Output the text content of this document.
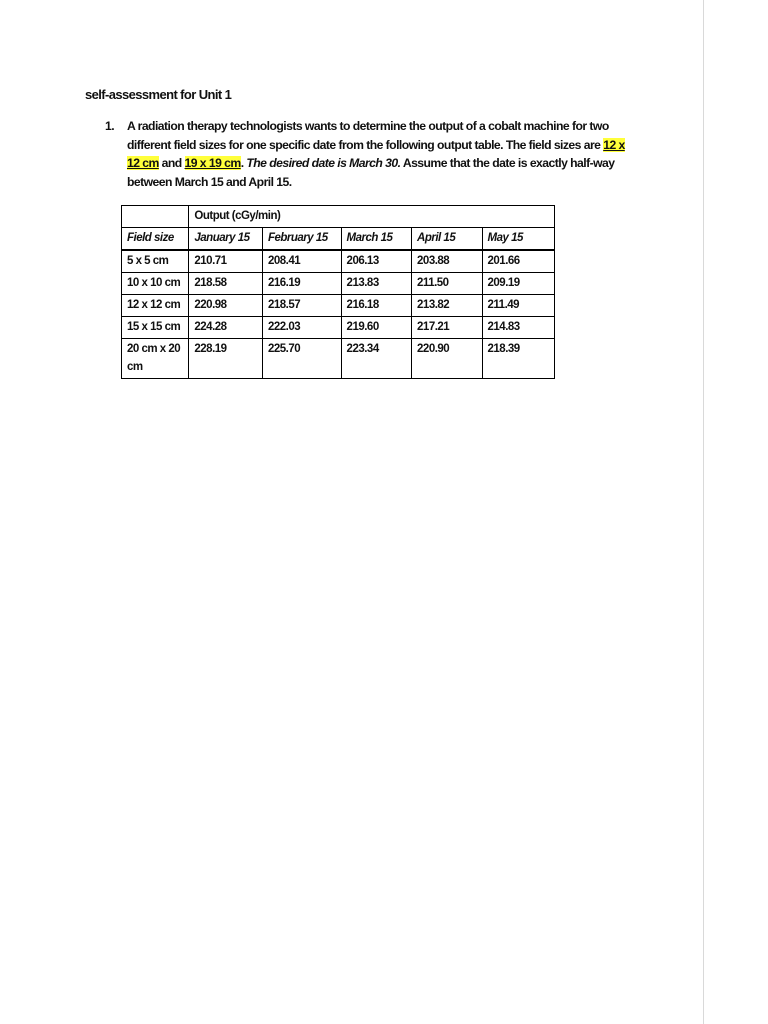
self-assessment for Unit 1
1. A radiation therapy technologists wants to determine the output of a cobalt machine for two different field sizes for one specific date from the following output table. The field sizes are 12 x 12 cm and 19 x 19 cm. The desired date is March 30. Assume that the date is exactly half-way between March 15 and April 15.
	Output (cGy/min)				
Field size	January 15	February 15	March 15	April 15	May 15
5 x 5 cm	210.71	208.41	206.13	203.88	201.66
10 x 10 cm	218.58	216.19	213.83	211.50	209.19
12 x 12 cm	220.98	218.57	216.18	213.82	211.49
15 x 15 cm	224.28	222.03	219.60	217.21	214.83
20 cm x 20 cm	228.19	225.70	223.34	220.90	218.39
